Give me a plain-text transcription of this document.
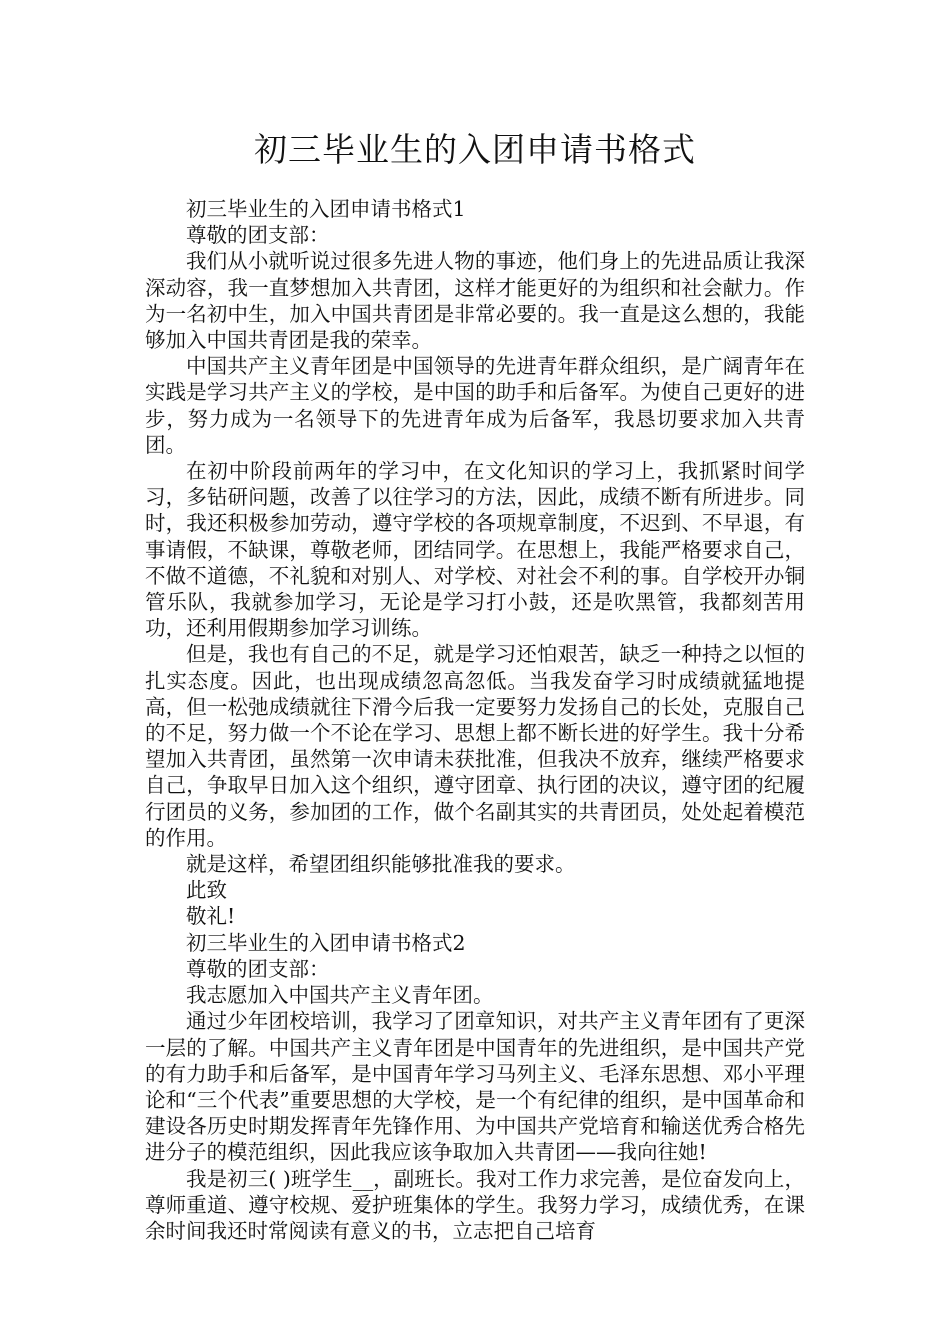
初三毕业生的入团申请书格式

初三毕业生的入团申请书格式1

尊敬的团支部：

我们从小就听说过很多先进人物的事迹，他们身上的先进品质让我深深动容，我一直梦想加入共青团，这样才能更好的为组织和社会献力。作为一名初中生，加入中国共青团是非常必要的。我一直是这么想的，我能够加入中国共青团是我的荣幸。

中国共产主义青年团是中国领导的先进青年群众组织，是广阔青年在实践是学习共产主义的学校，是中国的助手和后备军。为使自己更好的进步，努力成为一名领导下的先进青年成为后备军，我恳切要求加入共青团。

在初中阶段前两年的学习中，在文化知识的学习上，我抓紧时间学习，多钻研问题，改善了以往学习的方法，因此，成绩不断有所进步。同时，我还积极参加劳动，遵守学校的各项规章制度，不迟到、不早退，有事请假，不缺课，尊敬老师，团结同学。在思想上，我能严格要求自己，不做不道德，不礼貌和对别人、对学校、对社会不利的事。自学校开办铜管乐队，我就参加学习，无论是学习打小鼓，还是吹黑管，我都刻苦用功，还利用假期参加学习训练。

但是，我也有自己的不足，就是学习还怕艰苦，缺乏一种持之以恒的扎实态度。因此，也出现成绩忽高忽低。当我发奋学习时成绩就猛地提高，但一松弛成绩就往下滑今后我一定要努力发扬自己的长处，克服自己的不足，努力做一个不论在学习、思想上都不断长进的好学生。我十分希望加入共青团，虽然第一次申请未获批准，但我决不放弃，继续严格要求自己，争取早日加入这个组织，遵守团章、执行团的决议，遵守团的纪履行团员的义务，参加团的工作，做个名副其实的共青团员，处处起着模范的作用。

就是这样，希望团组织能够批准我的要求。

此致

敬礼!

初三毕业生的入团申请书格式2

尊敬的团支部：

我志愿加入中国共产主义青年团。

通过少年团校培训，我学习了团章知识，对共产主义青年团有了更深一层的了解。中国共产主义青年团是中国青年的先进组织，是中国共产党的有力助手和后备军，是中国青年学习马列主义、毛泽东思想、邓小平理论和“三个代表”重要思想的大学校，是一个有纪律的组织，是中国革命和建设各历史时期发挥青年先锋作用、为中国共产党培育和输送优秀合格先进分子的模范组织，因此我应该争取加入共青团——我向往她!

我是初三( )班学生__，副班长。我对工作力求完善，是位奋发向上，尊师重道、遵守校规、爱护班集体的学生。我努力学习，成绩优秀，在课余时间我还时常阅读有意义的书，立志把自己培育
